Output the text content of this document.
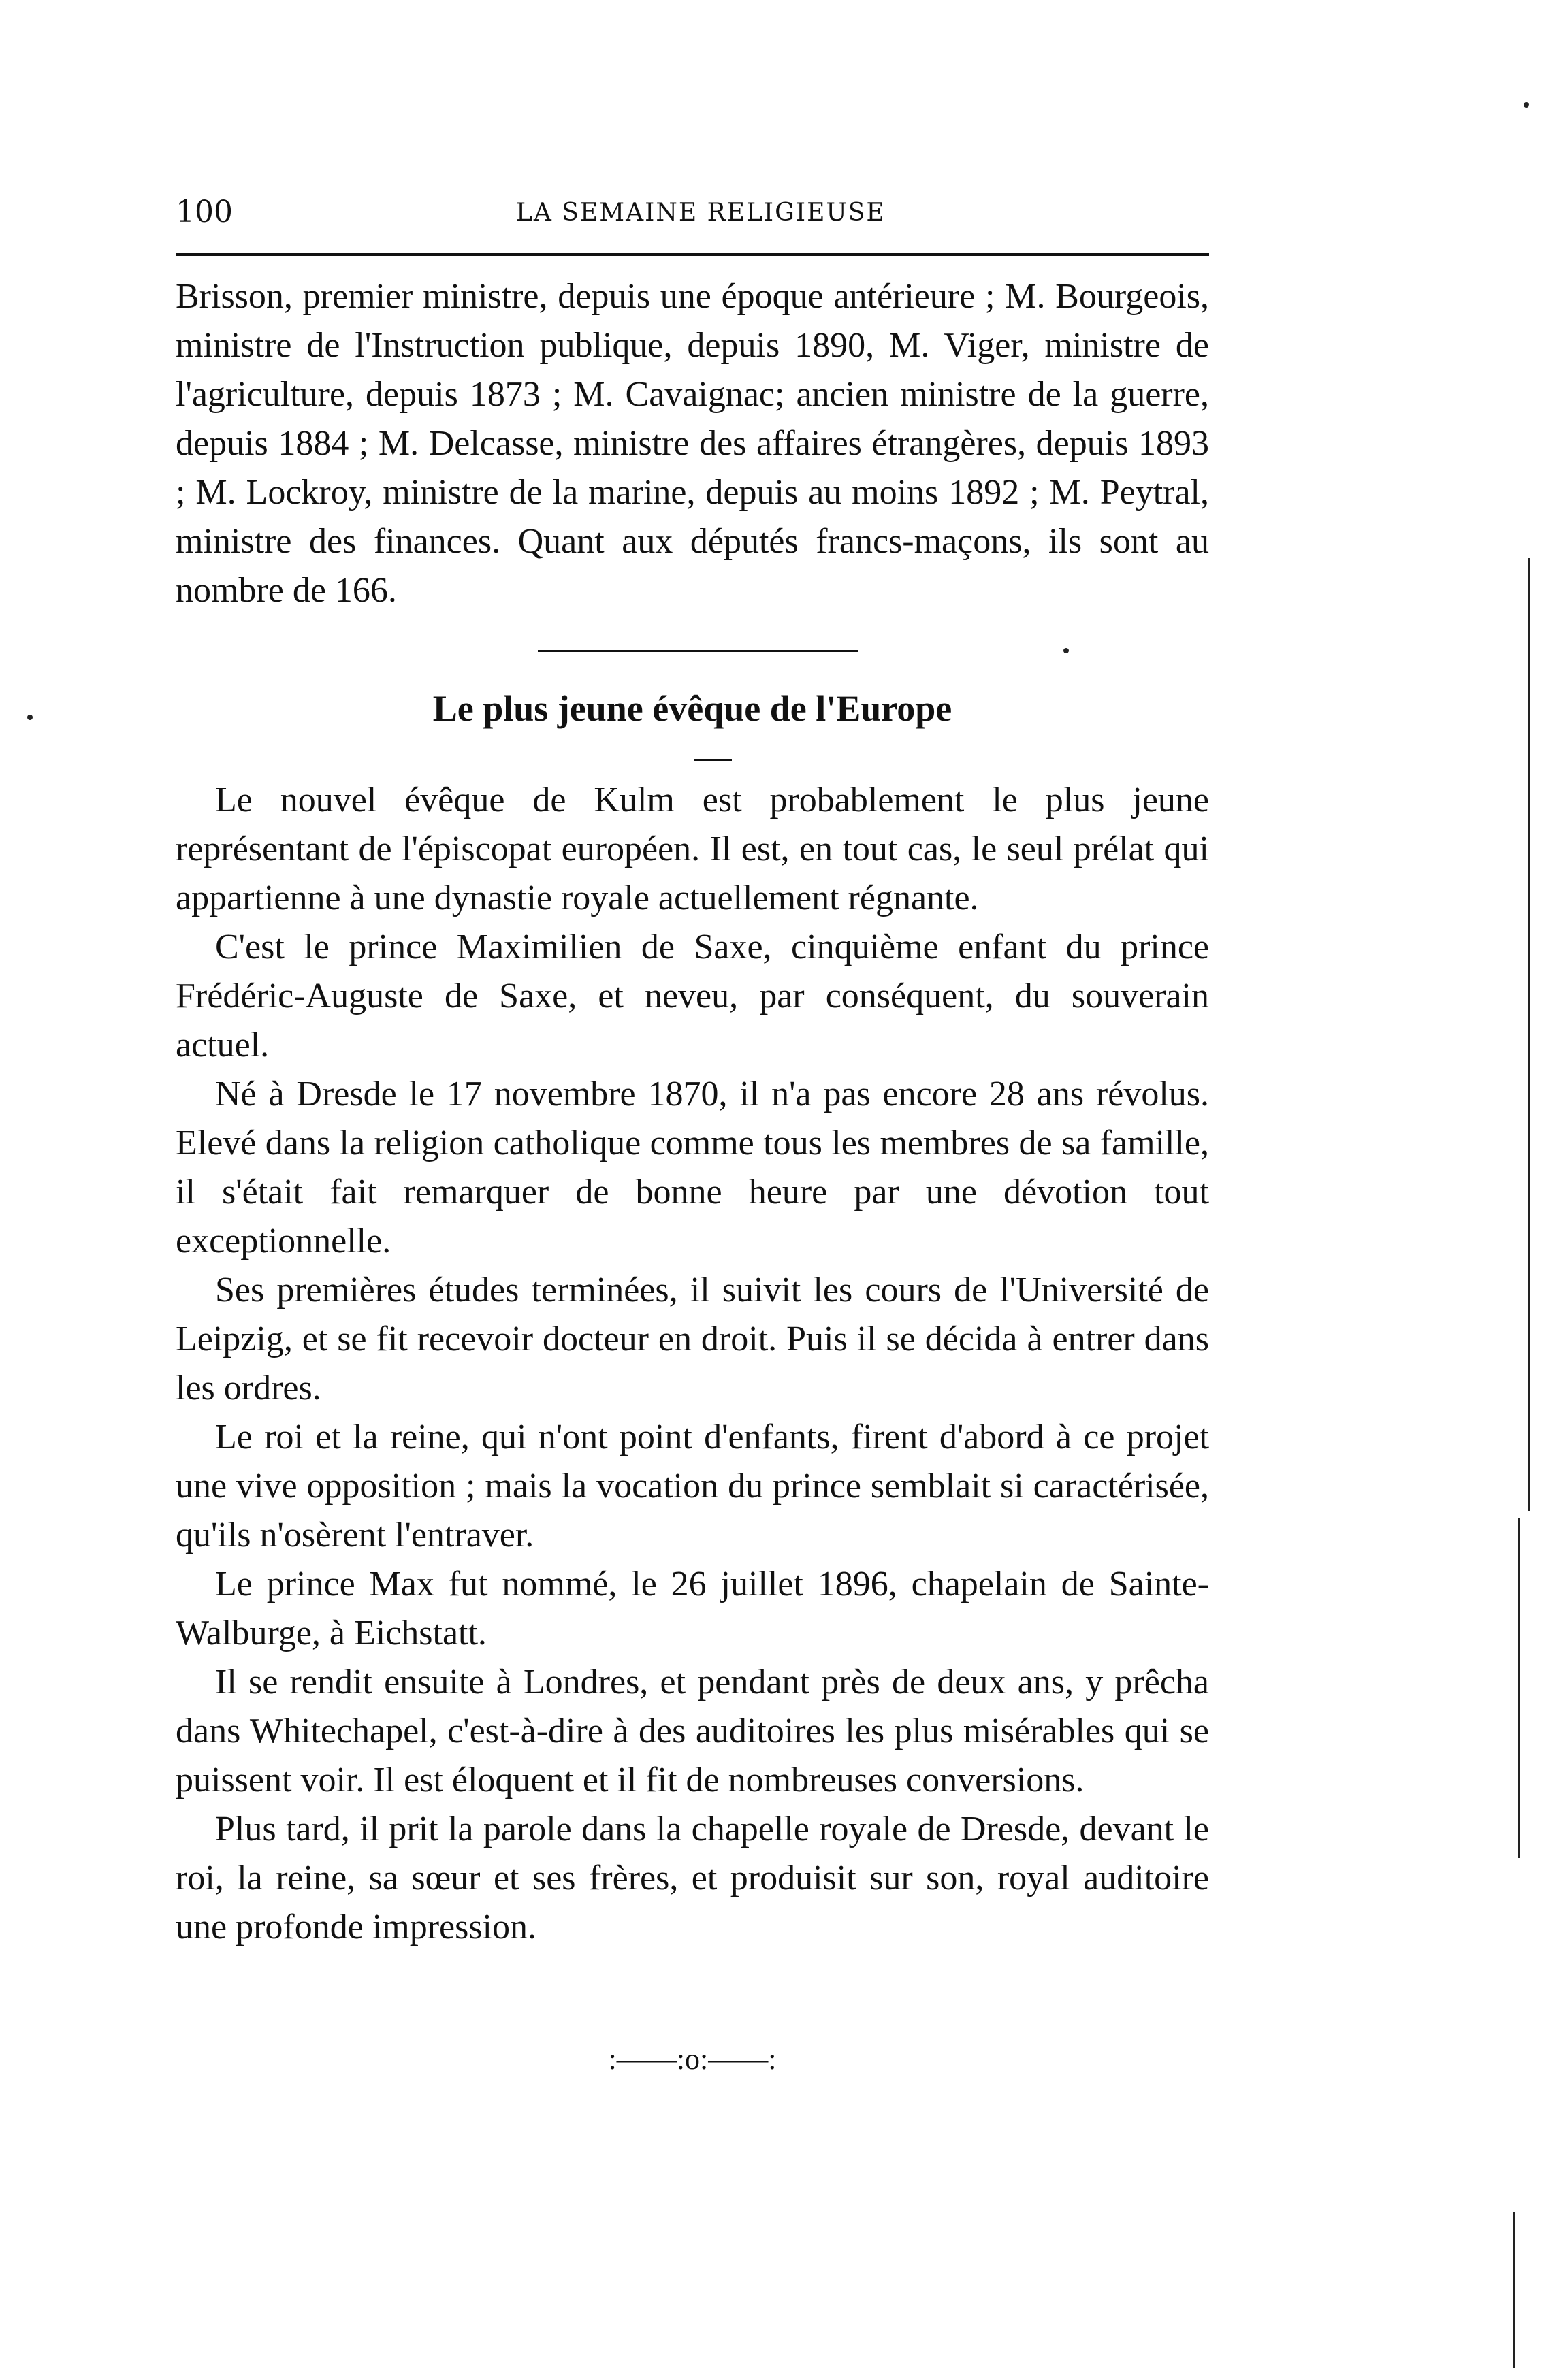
100	LA SEMAINE RELIGIEUSE

Brisson, premier ministre, depuis une époque antérieure ; M. Bourgeois, ministre de l'Instruction publique, depuis 1890, M. Viger, ministre de l'agriculture, depuis 1873 ; M. Cavaignac; ancien ministre de la guerre, depuis 1884 ; M. Delcasse, ministre des affaires étrangères, depuis 1893 ; M. Lockroy, ministre de la marine, depuis au moins 1892 ; M. Peytral, ministre des finances. Quant aux députés francs-maçons, ils sont au nombre de 166.

Le plus jeune évêque de l'Europe

Le nouvel évêque de Kulm est probablement le plus jeune représentant de l'épiscopat européen. Il est, en tout cas, le seul prélat qui appartienne à une dynastie royale actuellement régnante.

C'est le prince Maximilien de Saxe, cinquième enfant du prince Frédéric-Auguste de Saxe, et neveu, par conséquent, du souverain actuel.

Né à Dresde le 17 novembre 1870, il n'a pas encore 28 ans révolus. Elevé dans la religion catholique comme tous les membres de sa famille, il s'était fait remarquer de bonne heure par une dévotion tout exceptionnelle.

Ses premières études terminées, il suivit les cours de l'Université de Leipzig, et se fit recevoir docteur en droit. Puis il se décida à entrer dans les ordres.

Le roi et la reine, qui n'ont point d'enfants, firent d'abord à ce projet une vive opposition ; mais la vocation du prince semblait si caractérisée, qu'ils n'osèrent l'entraver.

Le prince Max fut nommé, le 26 juillet 1896, chapelain de Sainte-Walburge, à Eichstatt.

Il se rendit ensuite à Londres, et pendant près de deux ans, y prêcha dans Whitechapel, c'est-à-dire à des auditoires les plus misérables qui se puissent voir. Il est éloquent et il fit de nombreuses conversions.

Plus tard, il prit la parole dans la chapelle royale de Dresde, devant le roi, la reine, sa sœur et ses frères, et produisit sur son, royal auditoire une profonde impression.

:——:o:——:
